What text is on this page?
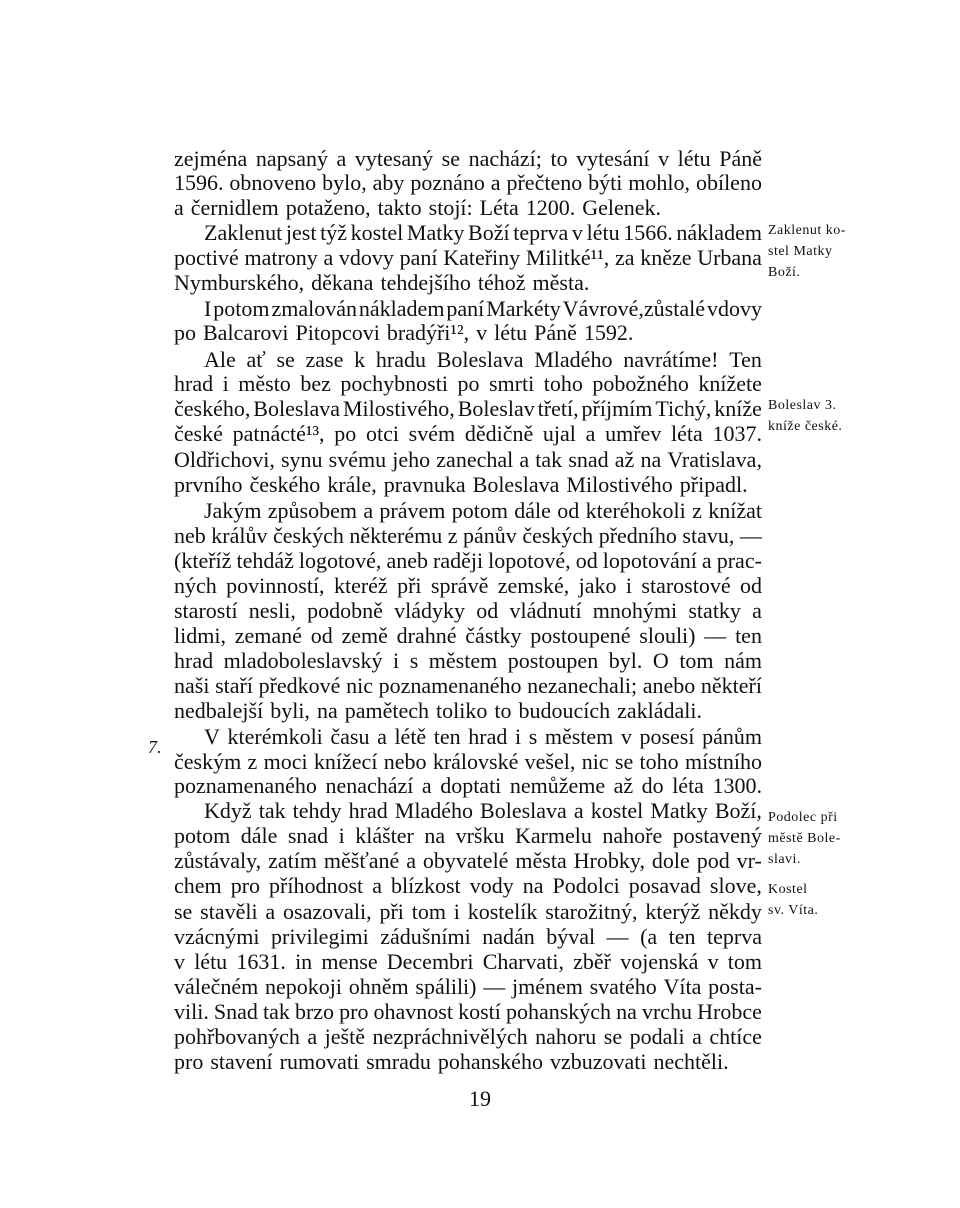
zejména napsaný a vytesaný se nachází; to vytesání v létu Páně
1596. obnoveno bylo, aby poznáno a přečteno býti mohlo, obíleno
a černidlem potaženo, takto stojí: Léta 1200. Gelenek.
Zaklenut jest týž kostel Matky Boží teprva v létu 1566. nákladem
poctivé matrony a vdovy paní Kateřiny Militké¹¹, za kněze Urbana
Nymburského, děkana tehdejšího téhož města.
I potom zmalován nákladem paní Markéty Vávrové,zůstalé vdovy
po Balcarovi Pitopcovi bradýři¹², v létu Páně 1592.
Ale ať se zase k hradu Boleslava Mladého navrátíme! Ten
hrad i město bez pochybnosti po smrti toho pobožného knížete
českého, Boleslava Milostivého, Boleslav třetí, příjmím Tichý, kníže
české patnácté¹³, po otci svém dědičně ujal a umřev léta 1037.
Oldřichovi, synu svému jeho zanechal a tak snad až na Vratislava,
prvního českého krále, pravnuka Boleslava Milostivého připadl.
Jakým způsobem a právem potom dále od kteréhokoli z knížat
neb králův českých některému z pánův českých předního stavu, —
(kteříž tehdáž logotové, aneb raději lopotové, od lopotování a prac-
ných povinností, kteréž při správě zemské, jako i starostové od
starostí nesli, podobně vládyky od vládnutí mnohými statky a
lidmi, zemané od země drahné částky postoupené slouli) — ten
hrad mladoboleslavský i s městem postoupen byl. O tom nám
naši staří předkové nic poznamenaného nezanechali; anebo někteří
nedbalejší byli, na pamětech toliko to budoucích zakládali.
V kterémkoli času a létě ten hrad i s městem v posesí pánům
českým z moci knížecí nebo královské vešel, nic se toho místního
poznamenaného nenachází a doptati nemůžeme až do léta 1300.
Když tak tehdy hrad Mladého Boleslava a kostel Matky Boží,
potom dále snad i klášter na vršku Karmelu nahoře postavený
zůstávaly, zatím měšťané a obyvatelé města Hrobky, dole pod vr-
chem pro příhodnost a blízkost vody na Podolci posavad slove,
se stavěli a osazovali, při tom i kostelík starožitný, kterýž někdy
vzácnými privilegimi zádušními nadán býval — (a ten teprva
v létu 1631. in mense Decembri Charvati, zběř vojenská v tom
válečném nepokoji ohněm spálili) — jménem svatého Víta posta-
vili. Snad tak brzo pro ohavnost kostí pohanských na vrchu Hrobce
pohřbovaných a ještě nezpráchnivělých nahoru se podali a chtíce
pro stavení rumovati smradu pohanského vzbuzovati nechtěli.
Zaklenut ko-
stel Matky
Boží.
Boleslav 3.
kníže české.
Podolec při
městě Bole-
slavi.
Kostel
sv. Víta.
7.
19
